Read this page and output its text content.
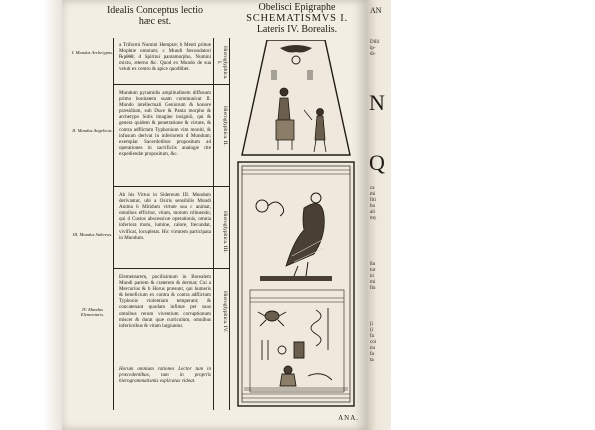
Idealis Conceptus lectio
hæc est.
Obelisci Epigraphe
SCHEMATISMVS I.
Lateris IV. Borealis.
I. Mundus Archetypus.
II. Mundus Angelicus.
III. Mundus Sidereus.
IV. Mundus Elementaris.
a Triformi Numini Hemptæ; b Menti primæ Mophtæ omnium; c Mundi fœcundatori ℞pθθθ; d Spiritui pantamorpho, Numini mixto, æterno &c. Quod ex Mundo de sua veluti ex centro & apice quodlibet.
Mundum pyramidis amplitudinem diffusum primo bonitatem suam communicat II. Mundo intellectuali Geniorum & honore præsidium, sub Duce & Panta morpho & archetypo Solis imagine insigniô, qui & genera quidem & penetratione & virtute, & contra adflictum Typhonium vim moniti, & infusum derivat in inferiorem d Mundum; exemplar Sacerdotibus propositum ad operationes in sacrificiis analogæ rite expediendæ propositum, &c.
Ab his Virtus in Sidereum III. Mundum derivantur, ubi a Osiris sensibilis Mundi Anima b Mitidum virtute sua c animat, omnibus efficitur, vitam, motum tribuendo; qui d Custos abscessivæ operationis, omnia inferiora motu, lumine, calore, fœcundat, vivificat, locupletat. Hic virtutem participata in Mundum.
Elementarem, pocilisimum in Borealem Mundi partem & craterem & dermat; Cui a Mercurius & b Horus præsunt, qui humeris & beneficium ex contra & contra adflictum Typhonis violentiam temperant; & concatenant quodam infimæ per suos omnibus rerum viventium corruptionum miscet & durat quæ curriculum, omnibus inferioribus & vitam largiuntur.
Horum omnium rationes Lector tum in præcedentibus, tum in propriis hierogrammatismis explicatas videat.
Hieroglyphica. I.
Hieroglyphica. II.
Hieroglyphica. III.
Hieroglyphica. IV.
ANA.
AN
Dilli
ip-
di-
N
Q
ca
mi
fiti
bu
ali
my
ſtu
tur
ni
mi
fin
[i
(i
fa
coi
nu
fa
ta
